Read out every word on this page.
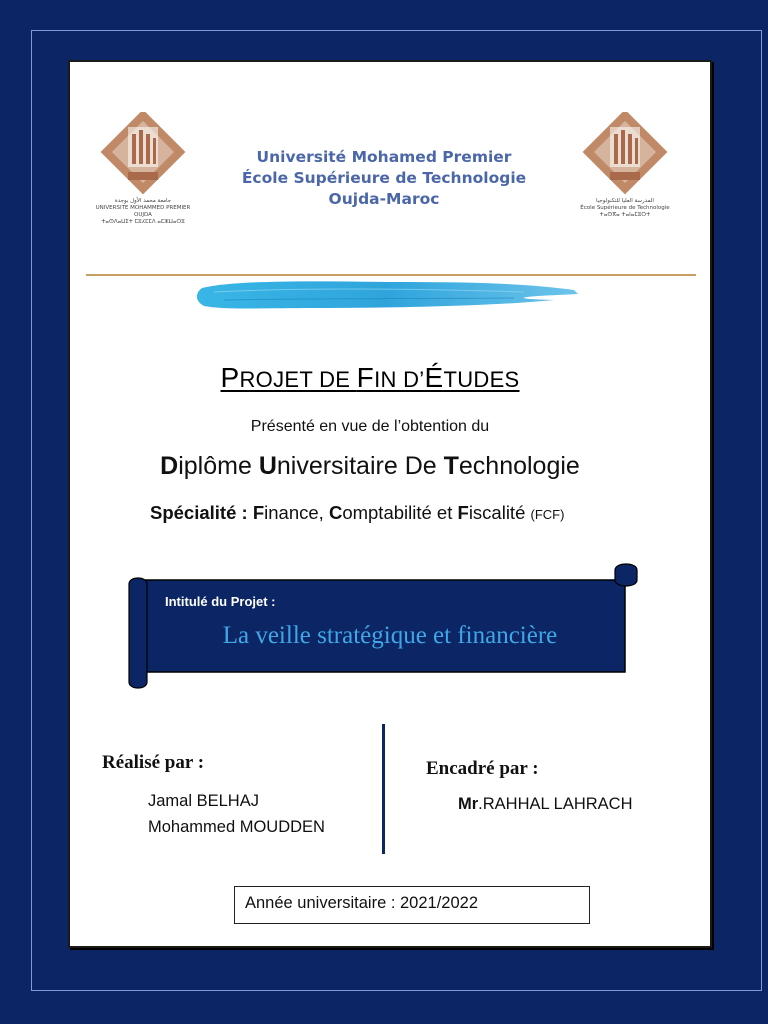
جامعة محمد الأول بوجدة
UNIVERSITE MOHAMMED PREMIER OUJDA
ⵜⴰⵙⴷⴰⵡⵉⵜ ⵎⵓⵃⵎⵎⴷ ⴰⵎⵣⵡⴰⵔⵓ
Université Mohamed Premier
École Supérieure de Technologie
Oujda-Maroc	المدرسة العليا للتكنولوجيا
École Supérieure de Technologie
ⵜⴰⵙⴳⴰ ⵜⴰⵏⴰⵎⵓⵔⵜ
PROJET DE FIN D’ÉTUDES
Présenté en vue de l’obtention du
Diplôme Universitaire De Technologie
Spécialité : Finance, Comptabilité et Fiscalité (FCF)
Intitulé du Projet :
La veille stratégique et financière
Réalisé par :
Jamal BELHAJ
Mohammed MOUDDEN
Encadré par :
Mr.RAHHAL LAHRACH
Année universitaire : 2021/2022
